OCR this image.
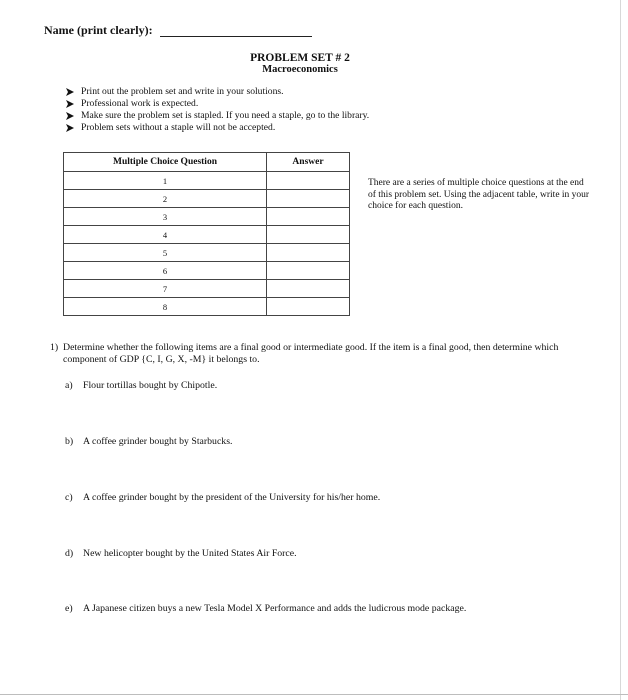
Name (print clearly):
PROBLEM SET # 2
Macroeconomics
Print out the problem set and write in your solutions.
Professional work is expected.
Make sure the problem set is stapled. If you need a staple, go to the library.
Problem sets without a staple will not be accepted.
Multiple Choice Question	Answer
1	
2	
3	
4	
5	
6	
7	
8	
There are a series of multiple choice questions at the end of this problem set. Using the adjacent table, write in your choice for each question.
1) Determine whether the following items are a final good or intermediate good. If the item is a final good, then determine which component of GDP {C, I, G, X, -M} it belongs to.
a) Flour tortillas bought by Chipotle.
b) A coffee grinder bought by Starbucks.
c) A coffee grinder bought by the president of the University for his/her home.
d) New helicopter bought by the United States Air Force.
e) A Japanese citizen buys a new Tesla Model X Performance and adds the ludicrous mode package.
